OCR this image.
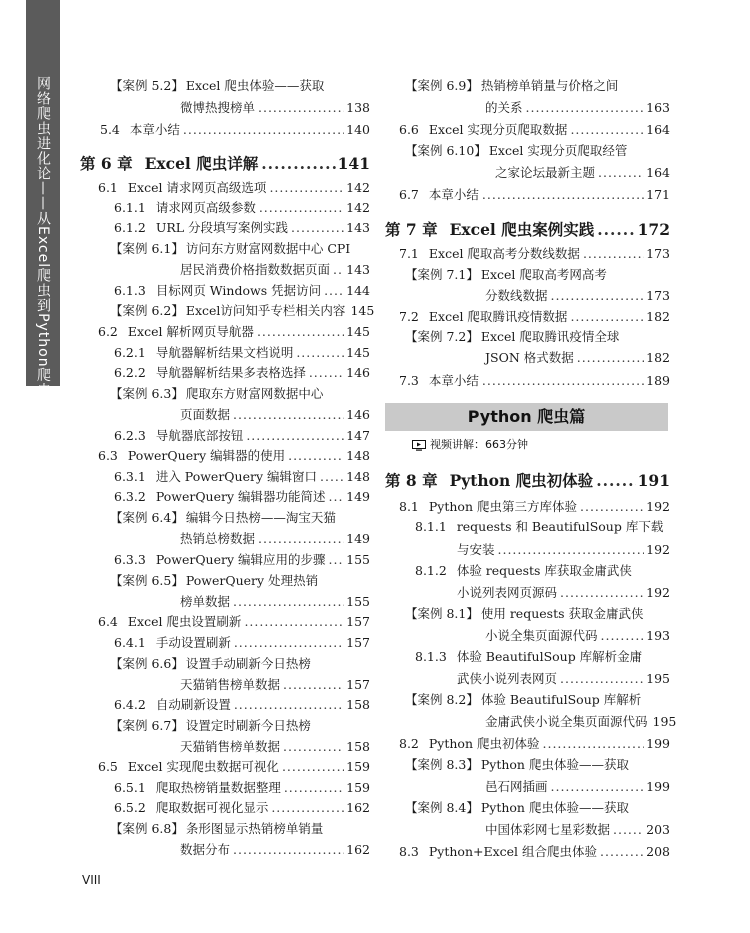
网络爬虫进化论——从Excel爬虫到Python爬虫	【案例 5.2】 Excel 爬虫体验——获取
微博热搜榜单 .....	138
5.4 本章小结 .....	140
第 6 章 Excel 爬虫详解 .....	141
6.1 Excel 请求网页高级选项 .....	142
6.1.1 请求网页高级参数 .....	142
6.1.2 URL 分段填写案例实践 .....	143
【案例 6.1】 访问东方财富网数据中心 CPI
居民消费价格指数数据页面 ..... 143
6.1.3 目标网页 Windows 凭据访问 ..... 144
【案例 6.2】 Excel访问知乎专栏相关内容 145
6.2 Excel 解析网页导航器 .....	145
6.2.1 导航器解析结果文档说明 .....	145
6.2.2 导航器解析结果多表格选择 .....	146
【案例 6.3】 爬取东方财富网数据中心
页面数据 .....	146
6.2.3 导航器底部按钮 .....	147
6.3 PowerQuery 编辑器的使用 .....	148
6.3.1 进入 PowerQuery 编辑窗口 ..... 148
6.3.2 PowerQuery 编辑器功能简述 ..... 149
【案例 6.4】 编辑今日热榜——淘宝天猫
热销总榜数据 .....	149
6.3.3 PowerQuery 编辑应用的步骤 ..... 155
【案例 6.5】 PowerQuery 处理热销
榜单数据 .....	155
6.4 Excel 爬虫设置刷新 .....	157
6.4.1 手动设置刷新 .....	157
【案例 6.6】 设置手动刷新今日热榜
天猫销售榜单数据 .....	157
6.4.2 自动刷新设置 .....	158
【案例 6.7】 设置定时刷新今日热榜
天猫销售榜单数据 .....	158
6.5 Excel 实现爬虫数据可视化 .....	159
6.5.1 爬取热榜销量数据整理 .....	159
6.5.2 爬取数据可视化显示 .....	162
【案例 6.8】 条形图显示热销榜单销量
数据分布 .....	162
【案例 6.9】 热销榜单销量与价格之间
的关系 .....	163
6.6 Excel 实现分页爬取数据 .....	164
【案例 6.10】 Excel 实现分页爬取经管
之家论坛最新主题 .....	164
6.7 本章小结 .....	171
第 7 章 Excel 爬虫案例实践 .....	172
7.1 Excel 爬取高考分数线数据 .....	173
【案例 7.1】 Excel 爬取高考网高考
分数线数据 .....	173
7.2 Excel 爬取腾讯疫情数据 .....	182
【案例 7.2】 Excel 爬取腾讯疫情全球
JSON 格式数据 .....	182
7.3 本章小结 .....	189
第 8 章 Python 爬虫初体验 .....	191
8.1 Python 爬虫第三方库体验 .....	192
8.1.1 requests 和 BeautifulSoup 库下载
与安装 .....	192
8.1.2 体验 requests 库获取金庸武侠
小说列表网页源码 .....	192
【案例 8.1】 使用 requests 获取金庸武侠
小说全集页面源代码 .....	193
8.1.3 体验 BeautifulSoup 库解析金庸
武侠小说列表网页 .....	195
【案例 8.2】 体验 BeautifulSoup 库解析
金庸武侠小说全集页面源代码 195
8.2 Python 爬虫初体验 .....	199
【案例 8.3】 Python 爬虫体验——获取
邑石网插画 .....	199
【案例 8.4】 Python 爬虫体验——获取
中国体彩网七星彩数据 .....	203
8.3 Python+Excel 组合爬虫体验 .....	208
Python 爬虫篇
视频讲解：663分钟
VIII
